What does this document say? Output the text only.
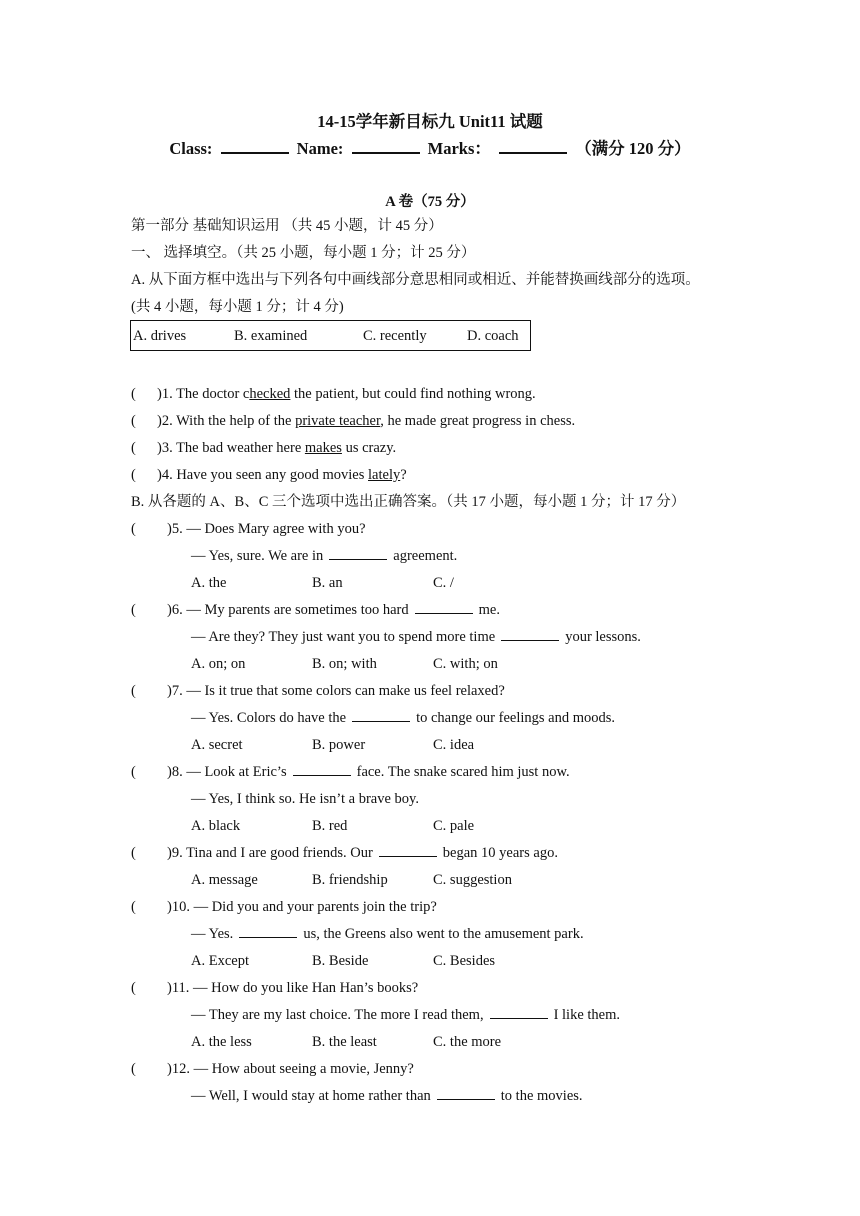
14-15学年新目标九 Unit11 试题
Class:	Name:	Marks：	（满分 120 分）
A 卷（75 分）
第一部分 基础知识运用 （共 45 小题，计 45 分）
一、 选择填空。（共 25 小题，每小题 1 分；计 25 分）
A. 从下面方框中选出与下列各句中画线部分意思相同或相近、并能替换画线部分的选项。
(共 4 小题，每小题 1 分；计 4 分)
A. drives	B. examined	C. recently	D. coach
( )1. The doctor checked the patient, but could find nothing wrong.
( )2. With the help of the private teacher, he made great progress in chess.
( )3. The bad weather here makes us crazy.
( )4. Have you seen any good movies lately?
B. 从各题的 A、B、C 三个选项中选出正确答案。（共 17 小题，每小题 1 分；计 17 分）
( )5. — Does Mary agree with you?
— Yes, sure. We are in	agreement.
A. the	B. an	C. /
( )6. — My parents are sometimes too hard	me.
— Are they? They just want you to spend more time	your lessons.
A. on; on	B. on; with	C. with; on
( )7. — Is it true that some colors can make us feel relaxed?
— Yes. Colors do have the	to change our feelings and moods.
A. secret	B. power	C. idea
( )8. — Look at Eric’s	face. The snake scared him just now.
— Yes, I think so. He isn’t a brave boy.
A. black	B. red	C. pale
( )9. Tina and I are good friends. Our	began 10 years ago.
A. message	B. friendship	C. suggestion
( )10. — Did you and your parents join the trip?
— Yes.	us, the Greens also went to the amusement park.
A. Except	B. Beside	C. Besides
( )11. — How do you like Han Han’s books?
— They are my last choice. The more I read them,	I like them.
A. the less	B. the least	C. the more
( )12. — How about seeing a movie, Jenny?
— Well, I would stay at home rather than	to the movies.
